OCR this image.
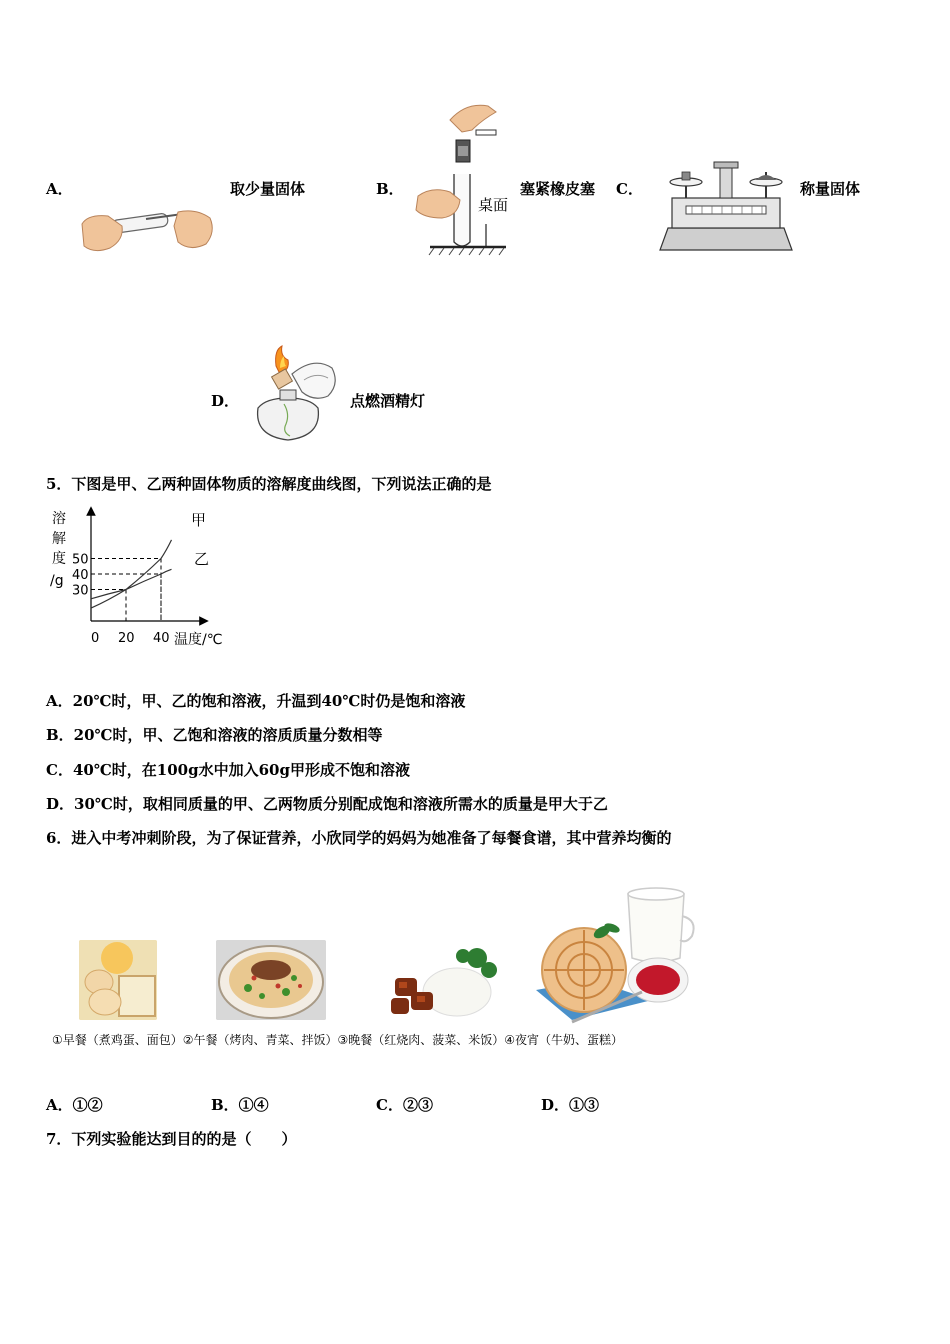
A．	取少量固体	B．
桌面
塞紧橡皮塞 C．	称量固体
D．	点燃酒精灯
5．下图是甲、乙两种固体物质的溶解度曲线图，下列说法正确的是
30
40
50
0 20 40
溶
解
度
/g
温度/℃
甲
乙
A．20℃时，甲、乙的饱和溶液，升温到40℃时仍是饱和溶液
B．20℃时，甲、乙饱和溶液的溶质质量分数相等
C．40℃时，在100g水中加入60g甲形成不饱和溶液
D．30℃时，取相同质量的甲、乙两物质分别配成饱和溶液所需水的质量是甲大于乙
6．进入中考冲刺阶段，为了保证营养，小欣同学的妈妈为她准备了每餐食谱，其中营养均衡的
①早餐（煮鸡蛋、面包）②午餐（烤肉、青菜、拌饭）③晚餐（红烧肉、菠菜、米饭）④夜宵（牛奶、蛋糕）
A．①②	B．①④	C．②③	D．①③
7．下列实验能达到目的的是（　　）
